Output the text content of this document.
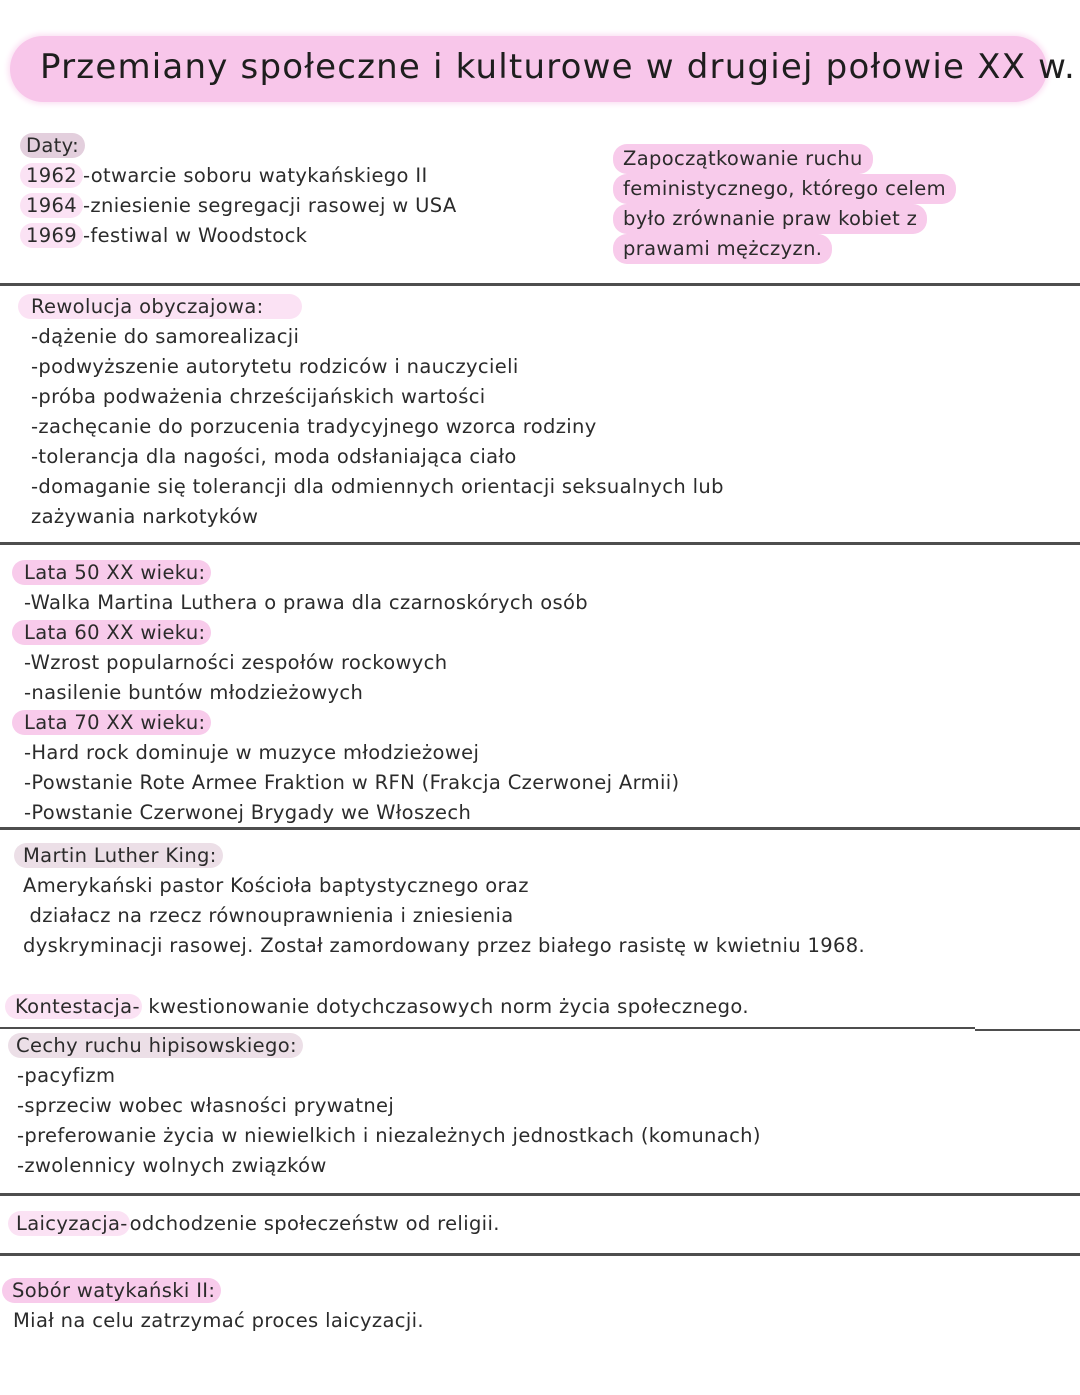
Przemiany społeczne i kulturowe w drugiej połowie XX w.
Daty:
1962 -otwarcie soboru watykańskiego II
1964 -zniesienie segregacji rasowej w USA
1969 -festiwal w Woodstock
Zapoczątkowanie ruchu
feministycznego, którego celem
było zrównanie praw kobiet z
prawami mężczyzn.
Rewolucja obyczajowa:
-dążenie do samorealizacji
-podwyższenie autorytetu rodziców i nauczycieli
-próba podważenia chrześcijańskich wartości
-zachęcanie do porzucenia tradycyjnego wzorca rodziny
-tolerancja dla nagości, moda odsłaniająca ciało
-domaganie się tolerancji dla odmiennych orientacji seksualnych lub
zażywania narkotyków
Lata 50 XX wieku:
-Walka Martina Luthera o prawa dla czarnoskórych osób
Lata 60 XX wieku:
-Wzrost popularności zespołów rockowych
-nasilenie buntów młodzieżowych
Lata 70 XX wieku:
-Hard rock dominuje w muzyce młodzieżowej
-Powstanie Rote Armee Fraktion w RFN (Frakcja Czerwonej Armii)
-Powstanie Czerwonej Brygady we Włoszech
Martin Luther King:
Amerykański pastor Kościoła baptystycznego oraz
działacz na rzecz równouprawnienia i zniesienia
dyskryminacji rasowej. Został zamordowany przez białego rasistę w kwietniu 1968.
Kontestacja- kwestionowanie dotychczasowych norm życia społecznego.
Cechy ruchu hipisowskiego:
-pacyfizm
-sprzeciw wobec własności prywatnej
-preferowanie życia w niewielkich i niezależnych jednostkach (komunach)
-zwolennicy wolnych związków
Laicyzacja- odchodzenie społeczeństw od religii.
Sobór watykański II:
Miał na celu zatrzymać proces laicyzacji.
